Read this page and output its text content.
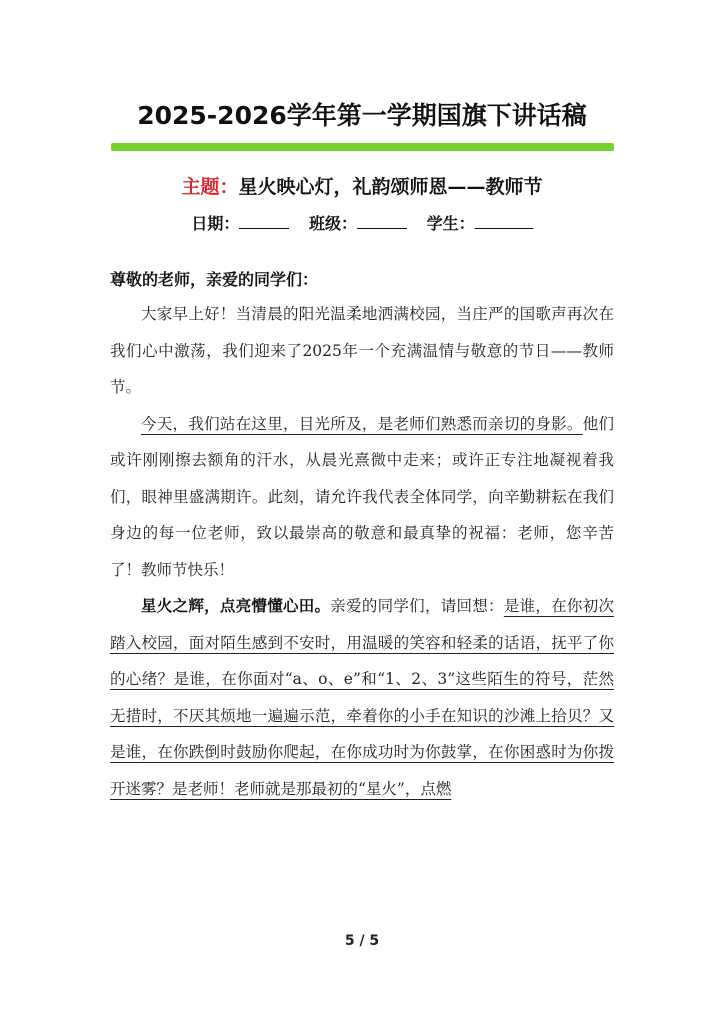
2025-2026学年第一学期国旗下讲话稿
主题：星火映心灯，礼韵颂师恩——教师节
日期：	班级：	学生：
尊敬的老师，亲爱的同学们：

大家早上好！当清晨的阳光温柔地洒满校园，当庄严的国歌声再次在我们心中激荡，我们迎来了2025年一个充满温情与敬意的节日——教师节。

今天，我们站在这里，目光所及，是老师们熟悉而亲切的身影。他们或许刚刚擦去额角的汗水，从晨光熹微中走来；或许正专注地凝视着我们，眼神里盛满期许。此刻，请允许我代表全体同学，向辛勤耕耘在我们身边的每一位老师，致以最崇高的敬意和最真挚的祝福：老师，您辛苦了！教师节快乐！

星火之辉，点亮懵懂心田。亲爱的同学们，请回想：是谁，在你初次踏入校园，面对陌生感到不安时，用温暖的笑容和轻柔的话语，抚平了你的心绪？是谁，在你面对“a、o、e”和“1、2、3”这些陌生的符号，茫然无措时，不厌其烦地一遍遍示范，牵着你的小手在知识的沙滩上拾贝？又是谁，在你跌倒时鼓励你爬起，在你成功时为你鼓掌，在你困惑时为你拨开迷雾？是老师！老师就是那最初的“星火”，点燃

5 / 5
